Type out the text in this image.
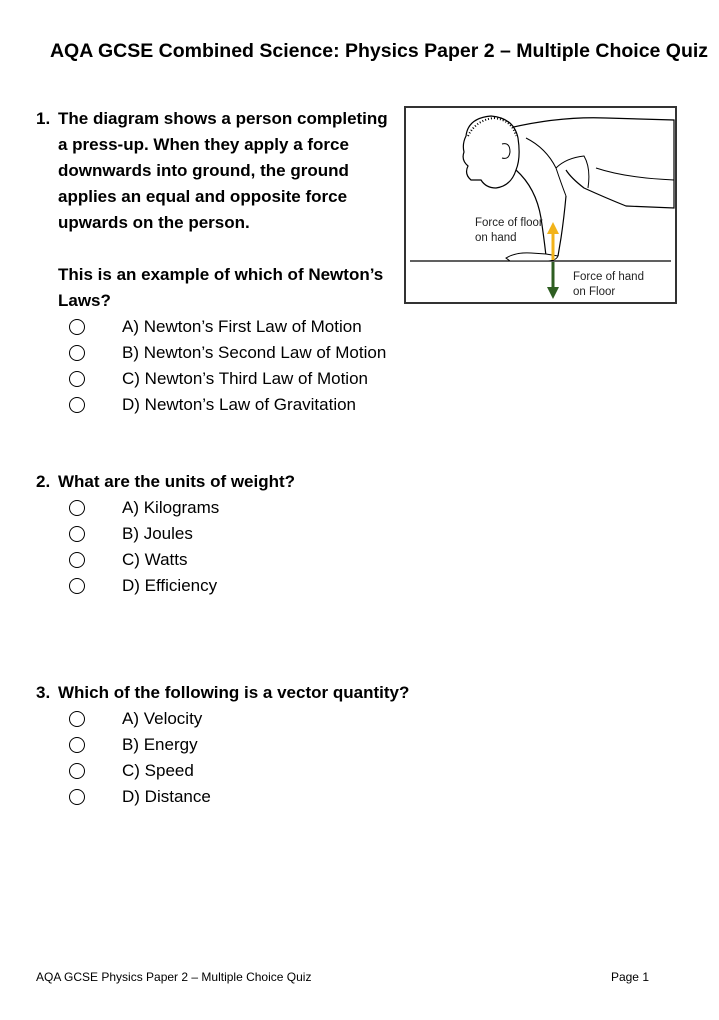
AQA GCSE Combined Science: Physics Paper 2 – Multiple Choice Quiz
1. The diagram shows a person completing
a press-up. When they apply a force
downwards into ground, the ground
applies an equal and opposite force
upwards on the person.

This is an example of which of Newton’s
Laws?
A) Newton’s First Law of Motion
B) Newton’s Second Law of Motion
C) Newton’s Third Law of Motion
D) Newton’s Law of Gravitation
Force of floor
on hand
Force of hand
on Floor
2. What are the units of weight?
A) Kilograms
B) Joules
C) Watts
D) Efficiency
3. Which of the following is a vector quantity?
A) Velocity
B) Energy
C) Speed
D) Distance
AQA GCSE Physics Paper 2 – Multiple Choice Quiz	Page 1
